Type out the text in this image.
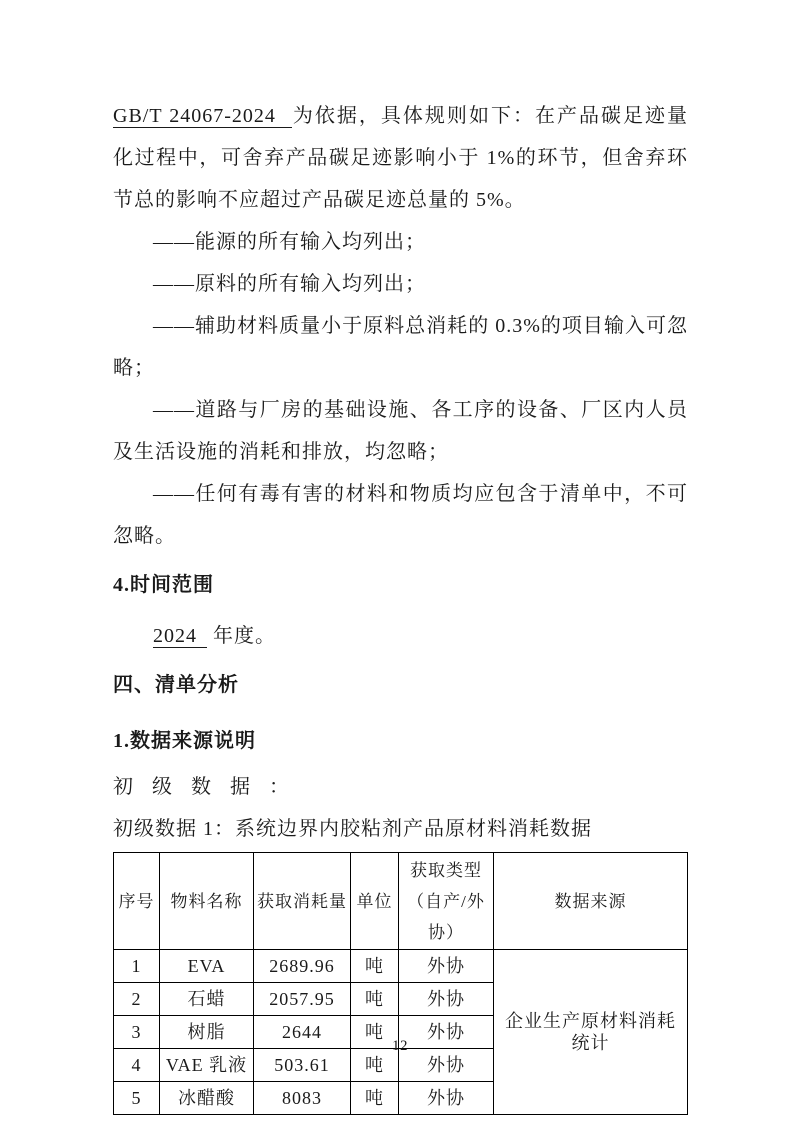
GB/T 24067-2024 为依据，具体规则如下：在产品碳足迹量化过程中，可舍弃产品碳足迹影响小于 1%的环节，但舍弃环节总的影响不应超过产品碳足迹总量的 5%。

——能源的所有输入均列出；

——原料的所有输入均列出；

——辅助材料质量小于原料总消耗的 0.3%的项目输入可忽略；

——道路与厂房的基础设施、各工序的设备、厂区内人员及生活设施的消耗和排放，均忽略；

——任何有毒有害的材料和物质均应包含于清单中，不可忽略。

4.时间范围

2024 年度。

四、清单分析

1.数据来源说明

初 级 数 据 ：

初级数据 1：系统边界内胶粘剂产品原材料消耗数据

序号	物料名称	获取消耗量	单位	获取类型（自产/外协）	数据来源
1	EVA	2689.96	吨	外协	企业生产原材料消耗统计
2	石蜡	2057.95	吨	外协	
3	树脂	2644	吨	外协	
4	VAE 乳液	503.61	吨	外协	
5	冰醋酸	8083	吨	外协	
12
